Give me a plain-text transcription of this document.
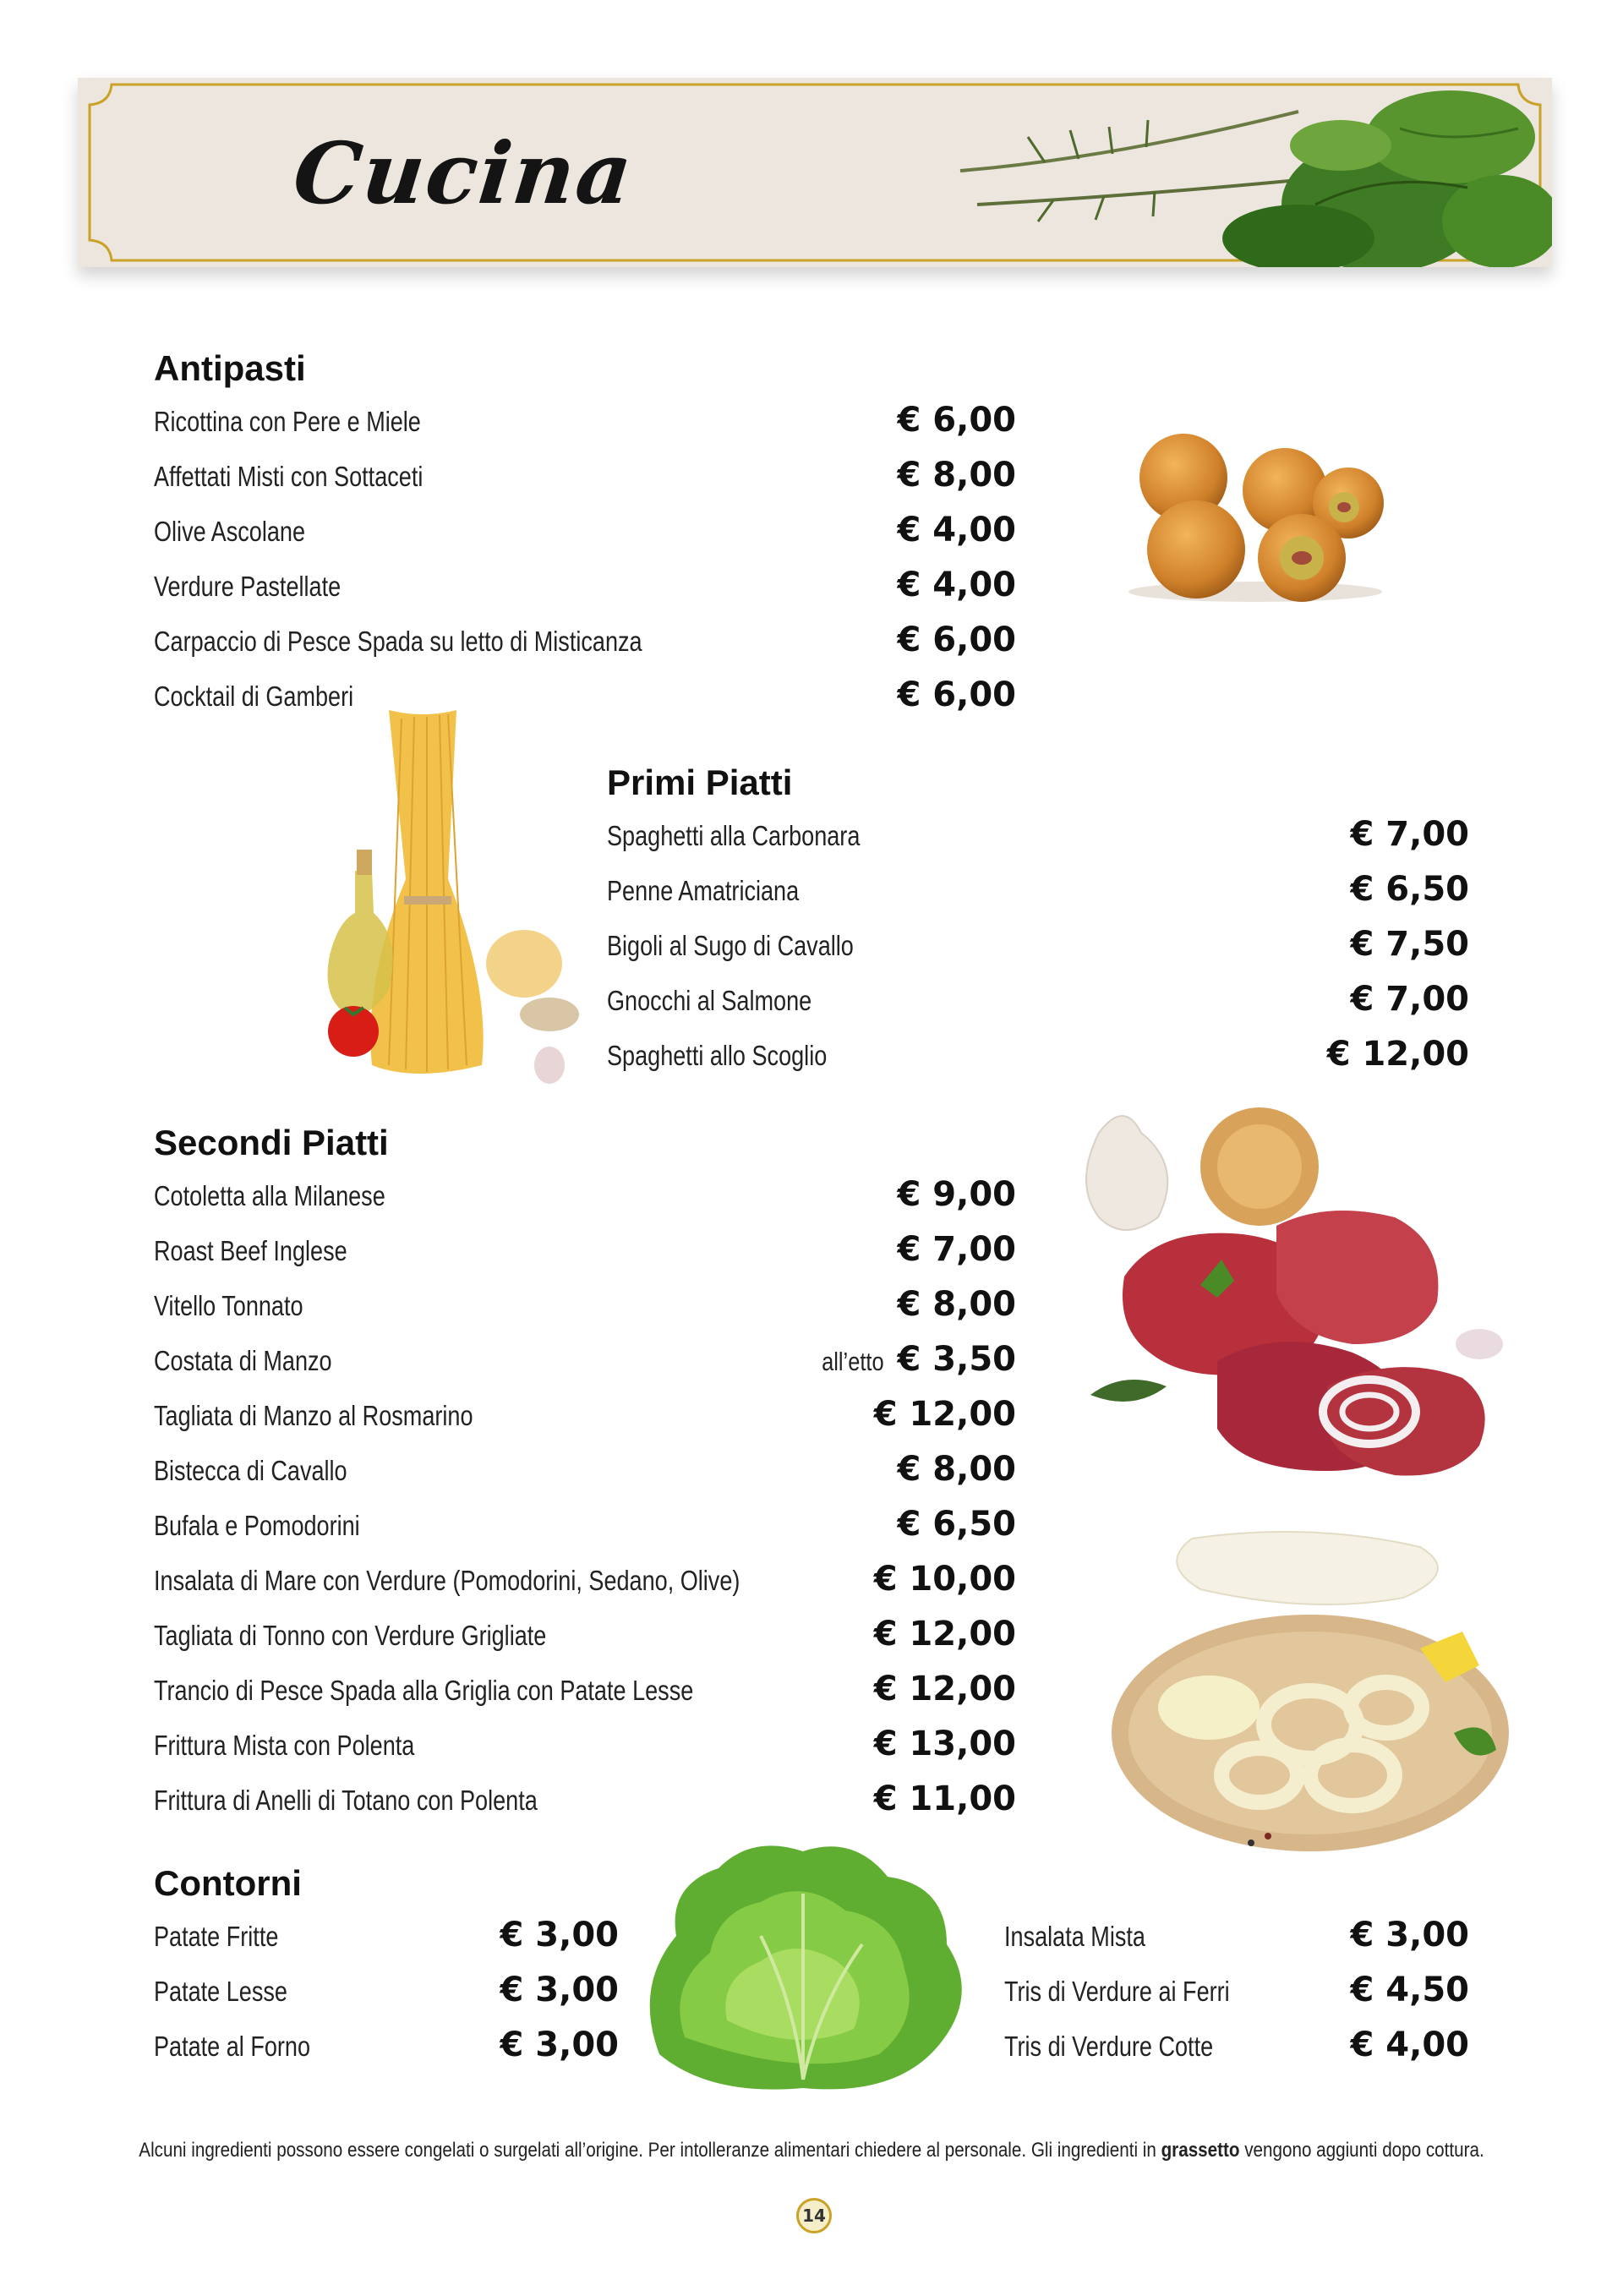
Cucina
Antipasti
Ricottina con Pere e Miele	€ 6,00
Affettati Misti con Sottaceti	€ 8,00
Olive Ascolane	€ 4,00
Verdure Pastellate	€ 4,00
Carpaccio di Pesce Spada su letto di Misticanza	€ 6,00
Cocktail di Gamberi	€ 6,00
Primi Piatti
Spaghetti alla Carbonara	€ 7,00
Penne Amatriciana	€ 6,50
Bigoli al Sugo di Cavallo	€ 7,50
Gnocchi al Salmone	€ 7,00
Spaghetti allo Scoglio	€ 12,00
Secondi Piatti
Cotoletta alla Milanese	€ 9,00
Roast Beef Inglese	€ 7,00
Vitello Tonnato	€ 8,00
Costata di Manzo	all’etto € 3,50
Tagliata di Manzo al Rosmarino	€ 12,00
Bistecca di Cavallo	€ 8,00
Bufala e Pomodorini	€ 6,50
Insalata di Mare con Verdure (Pomodorini, Sedano, Olive)	€ 10,00
Tagliata di Tonno con Verdure Grigliate	€ 12,00
Trancio di Pesce Spada alla Griglia con Patate Lesse	€ 12,00
Frittura Mista con Polenta	€ 13,00
Frittura di Anelli di Totano con Polenta	€ 11,00
Contorni
Patate Fritte	€ 3,00
Patate Lesse	€ 3,00
Patate al Forno	€ 3,00
Insalata Mista	€ 3,00
Tris di Verdure ai Ferri	€ 4,50
Tris di Verdure Cotte	€ 4,00
Alcuni ingredienti possono essere congelati o surgelati all’origine. Per intolleranze alimentari chiedere al personale. Gli ingredienti in grassetto vengono aggiunti dopo cottura.
14
